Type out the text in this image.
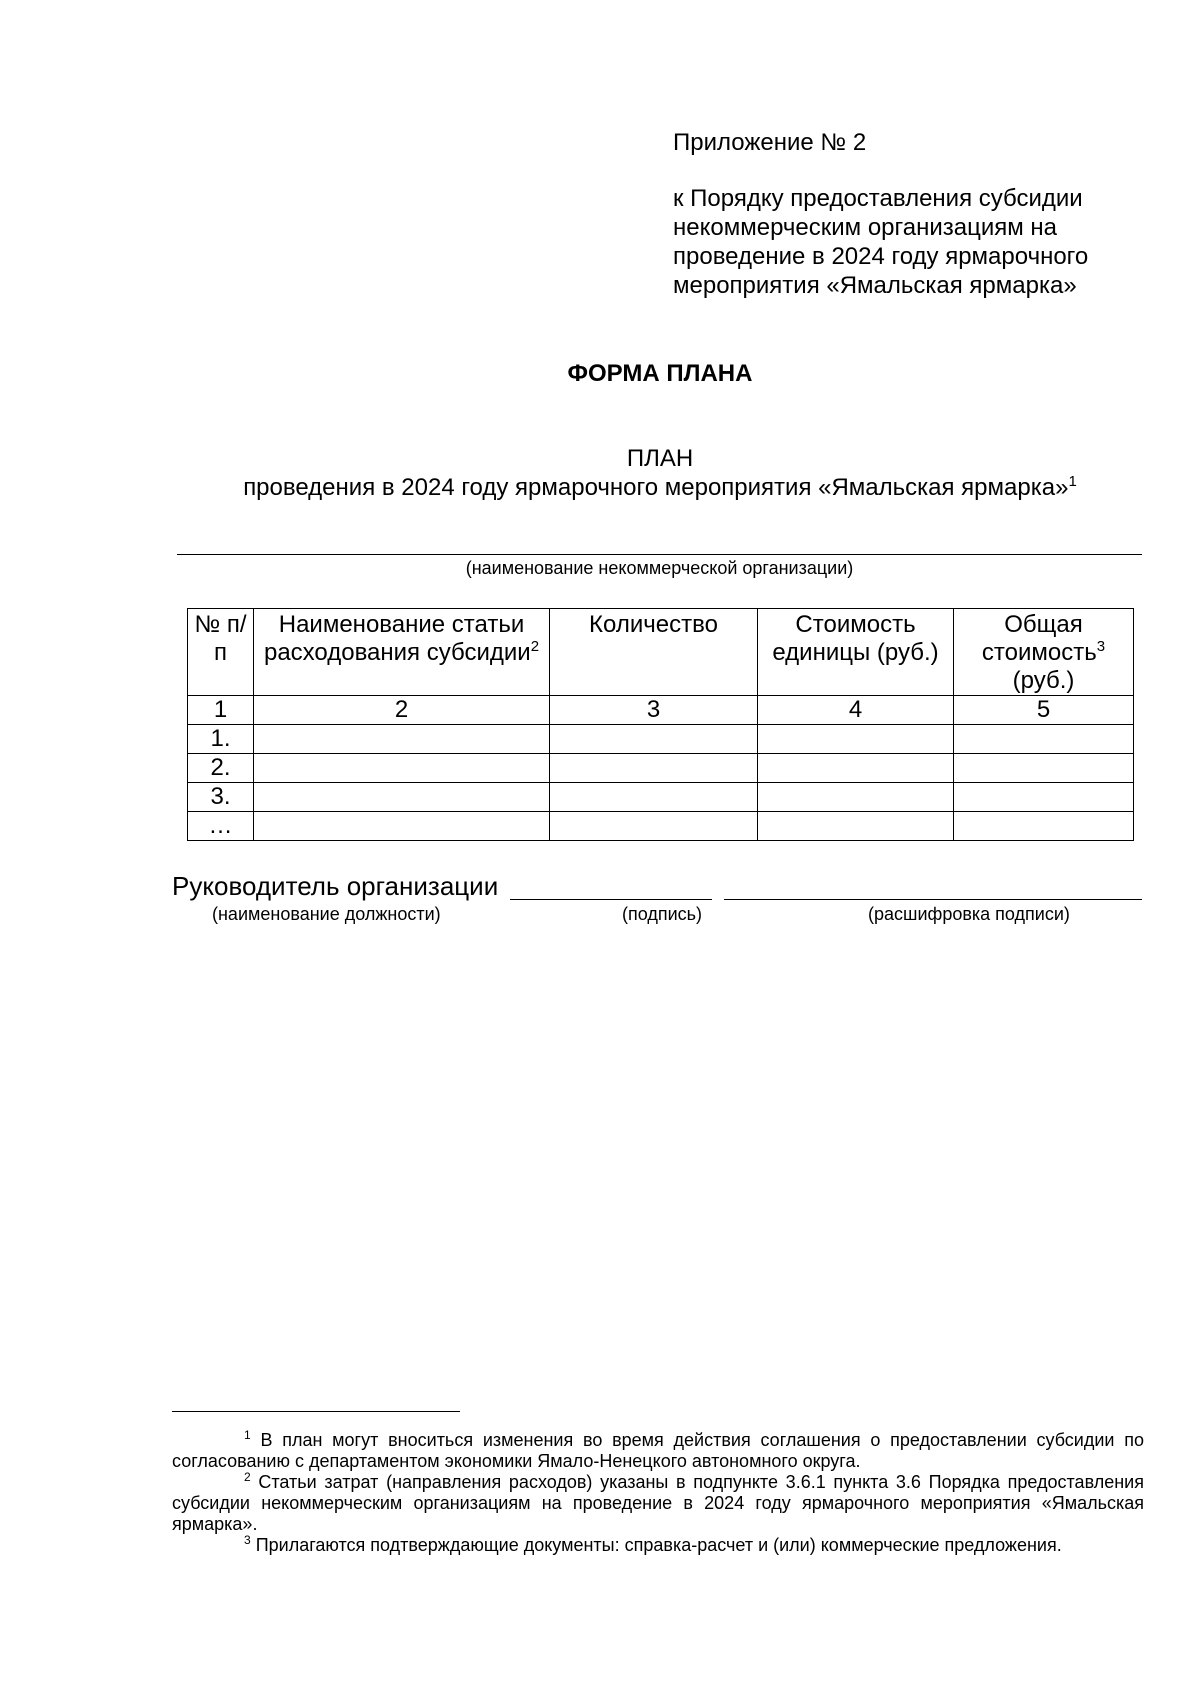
Приложение № 2

к Порядку предоставления субсидии некоммерческим организациям на проведение в 2024 году ярмарочного мероприятия «Ямальская ярмарка»

ФОРМА ПЛАНА
ПЛАН
проведения в 2024 году ярмарочного мероприятия «Ямальская ярмарка»$^1$
(наименование некоммерческой организации)
№ п/п	Наименование статьи расходования субсидии$^2$	Количество	Стоимость единицы (руб.)	Общая стоимость$^3$
(руб.)
1	2	3	4	5
1.				
2.				
3.				
…				
Руководитель организации
(наименование должности)	(подпись)	(расшифровка подписи)

$^1$ В план могут вноситься изменения во время действия соглашения о предоставлении субсидии по согласованию с департаментом экономики Ямало-Ненецкого автономного округа.

$^2$ Статьи затрат (направления расходов) указаны в подпункте 3.6.1 пункта 3.6 Порядка предоставления субсидии некоммерческим организациям на проведение в 2024 году ярмарочного мероприятия «Ямальская ярмарка».

$^3$ Прилагаются подтверждающие документы: справка-расчет и (или) коммерческие предложения.
